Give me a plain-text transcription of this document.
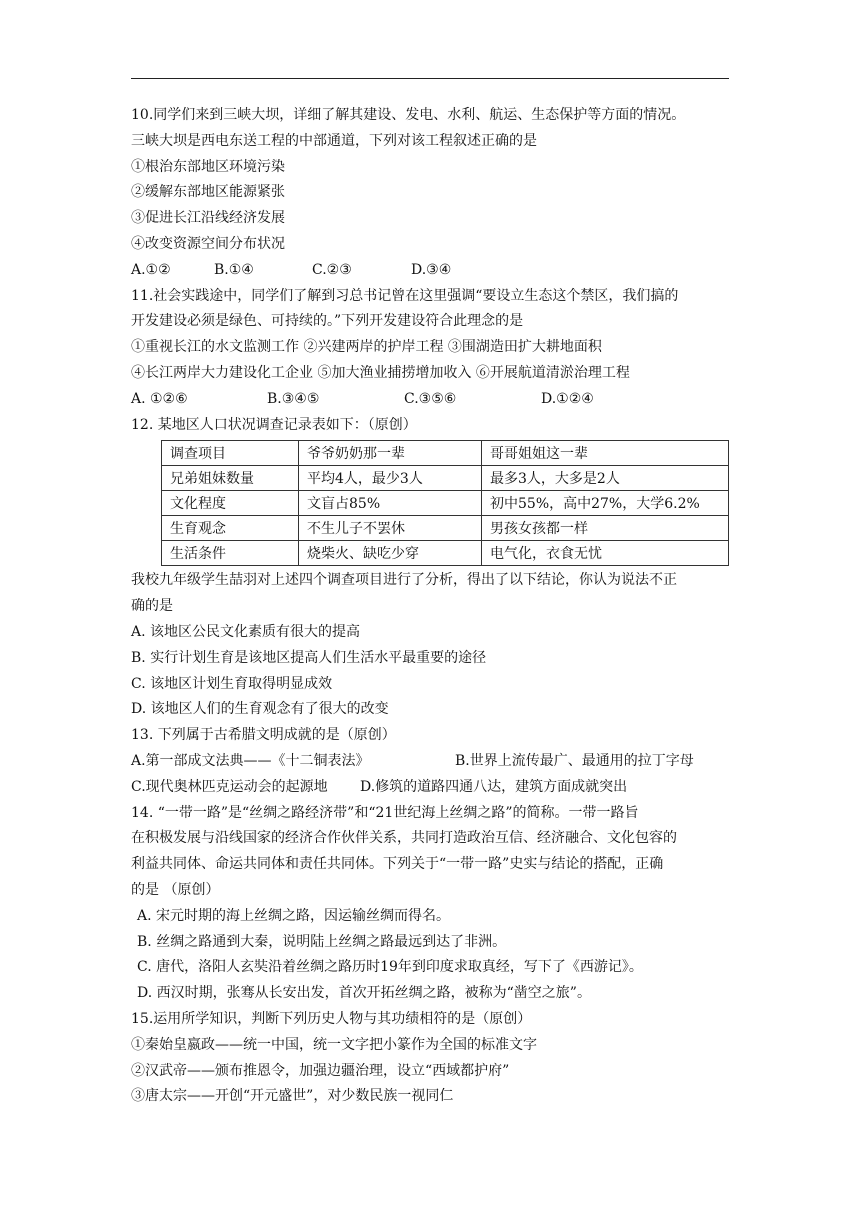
10.同学们来到三峡大坝，详细了解其建设、发电、水利、航运、生态保护等方面的情况。
三峡大坝是西电东送工程的中部通道，下列对该工程叙述正确的是
①根治东部地区环境污染
②缓解东部地区能源紧张
③促进长江沿线经济发展
④改变资源空间分布状况
A.①②	B.①④	C.②③	D.③④
11.社会实践途中，同学们了解到习总书记曾在这里强调“要设立生态这个禁区，我们搞的
开发建设必须是绿色、可持续的。”下列开发建设符合此理念的是
①重视长江的水文监测工作 ②兴建两岸的护岸工程 ③围湖造田扩大耕地面积
④长江两岸大力建设化工企业 ⑤加大渔业捕捞增加收入 ⑥开展航道清淤治理工程
A. ①②⑥	B.③④⑤	C.③⑤⑥	D.①②④
12. 某地区人口状况调查记录表如下：（原创）
调查项目	爷爷奶奶那一辈	哥哥姐姐这一辈
兄弟姐妹数量	平均4人，最少3人	最多3人，大多是2人
文化程度	文盲占85%	初中55%，高中27%，大学6.2%
生育观念	不生儿子不罢休	男孩女孩都一样
生活条件	烧柴火、缺吃少穿	电气化，衣食无忧
我校九年级学生喆羽对上述四个调查项目进行了分析，得出了以下结论，你认为说法不正
确的是
A. 该地区公民文化素质有很大的提高
B. 实行计划生育是该地区提高人们生活水平最重要的途径
C. 该地区计划生育取得明显成效
D. 该地区人们的生育观念有了很大的改变
13. 下列属于古希腊文明成就的是（原创）
A.第一部成文法典——《十二铜表法》	B.世界上流传最广、最通用的拉丁字母
C.现代奥林匹克运动会的起源地	D.修筑的道路四通八达，建筑方面成就突出
14. “一带一路”是“丝绸之路经济带”和“21世纪海上丝绸之路”的简称。一带一路旨
在积极发展与沿线国家的经济合作伙伴关系，共同打造政治互信、经济融合、文化包容的
利益共同体、命运共同体和责任共同体。下列关于“一带一路”史实与结论的搭配，正确
的是 （原创）
A. 宋元时期的海上丝绸之路，因运输丝绸而得名。
B. 丝绸之路通到大秦，说明陆上丝绸之路最远到达了非洲。
C. 唐代，洛阳人玄奘沿着丝绸之路历时19年到印度求取真经，写下了《西游记》。
D. 西汉时期，张骞从长安出发，首次开拓丝绸之路，被称为“凿空之旅”。
15.运用所学知识，判断下列历史人物与其功绩相符的是（原创）
①秦始皇嬴政——统一中国，统一文字把小篆作为全国的标准文字
②汉武帝——颁布推恩令，加强边疆治理，设立“西域都护府”
③唐太宗——开创“开元盛世”，对少数民族一视同仁
